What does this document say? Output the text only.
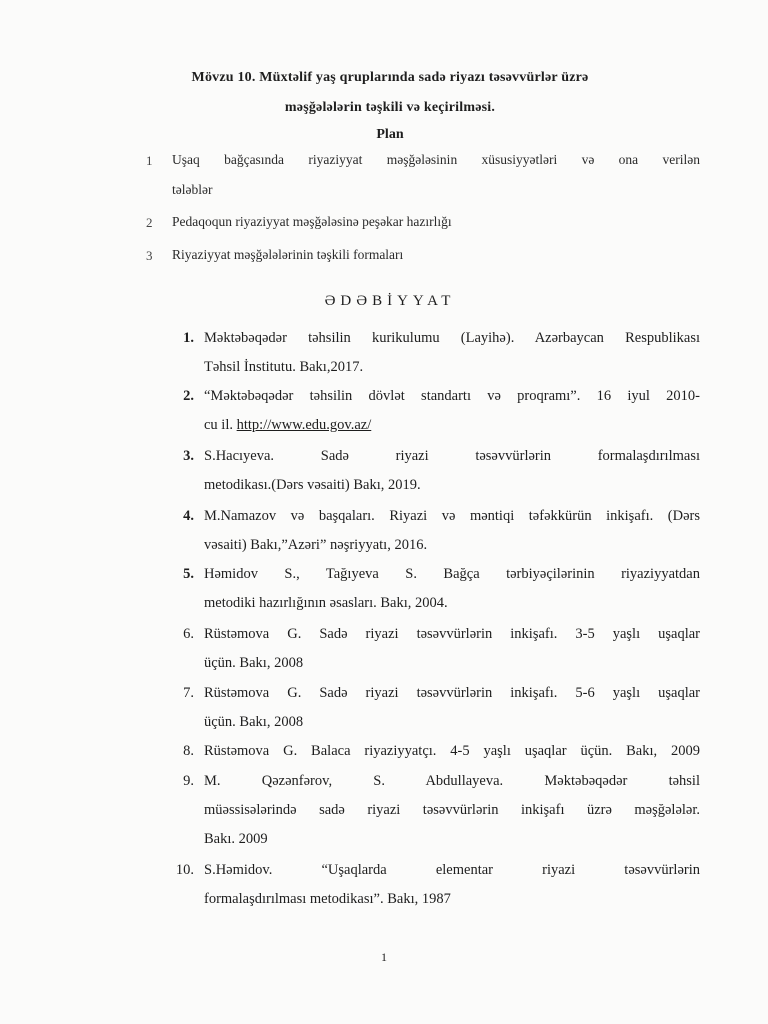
Mövzu 10. Müxtəlif yaş qruplarında sadə riyazı təsəvvürlər üzrə
məşğələlərin təşkili və keçirilməsi.
Plan
1 Uşaq bağçasında riyaziyyat məşğələsinin xüsusiyyətləri və ona verilən
tələblər
2 Pedaqoqun riyaziyyat məşğələsinə peşəkar hazırlığı
3 Riyaziyyat məşğələlərinin təşkili formaları
ƏDƏBİYYAT
1. Məktəbəqədər təhsilin kurikulumu (Layihə). Azərbaycan Respublikası
Təhsil İnstitutu. Bakı,2017.
2. “Məktəbəqədər təhsilin dövlət standartı və proqramı”. 16 iyul 2010-
cu il. http://www.edu.gov.az/
3. S.Hacıyeva. Sadə riyazi təsəvvürlərin formalaşdırılması
metodikası.(Dərs vəsaiti) Bakı, 2019.
4. M.Namazov və başqaları. Riyazi və məntiqi təfəkkürün inkişafı. (Dərs
vəsaiti) Bakı,”Azəri” nəşriyyatı, 2016.
5. Həmidov S., Tağıyeva S. Bağça tərbiyəçilərinin riyaziyyatdan
metodiki hazırlığının əsasları. Bakı, 2004.
6. Rüstəmova G. Sadə riyazi təsəvvürlərin inkişafı. 3-5 yaşlı uşaqlar
üçün. Bakı, 2008
7. Rüstəmova G. Sadə riyazi təsəvvürlərin inkişafı. 5-6 yaşlı uşaqlar
üçün. Bakı, 2008
8. Rüstəmova G. Balaca riyaziyyatçı. 4-5 yaşlı uşaqlar üçün. Bakı, 2009
9. M. Qəzənfərov, S. Abdullayeva. Məktəbəqədər təhsil
müəssisələrində sadə riyazi təsəvvürlərin inkişafı üzrə məşğələlər.
Bakı. 2009
10. S.Həmidov. “Uşaqlarda elementar riyazi təsəvvürlərin
formalaşdırılması metodikası”. Bakı, 1987
1
